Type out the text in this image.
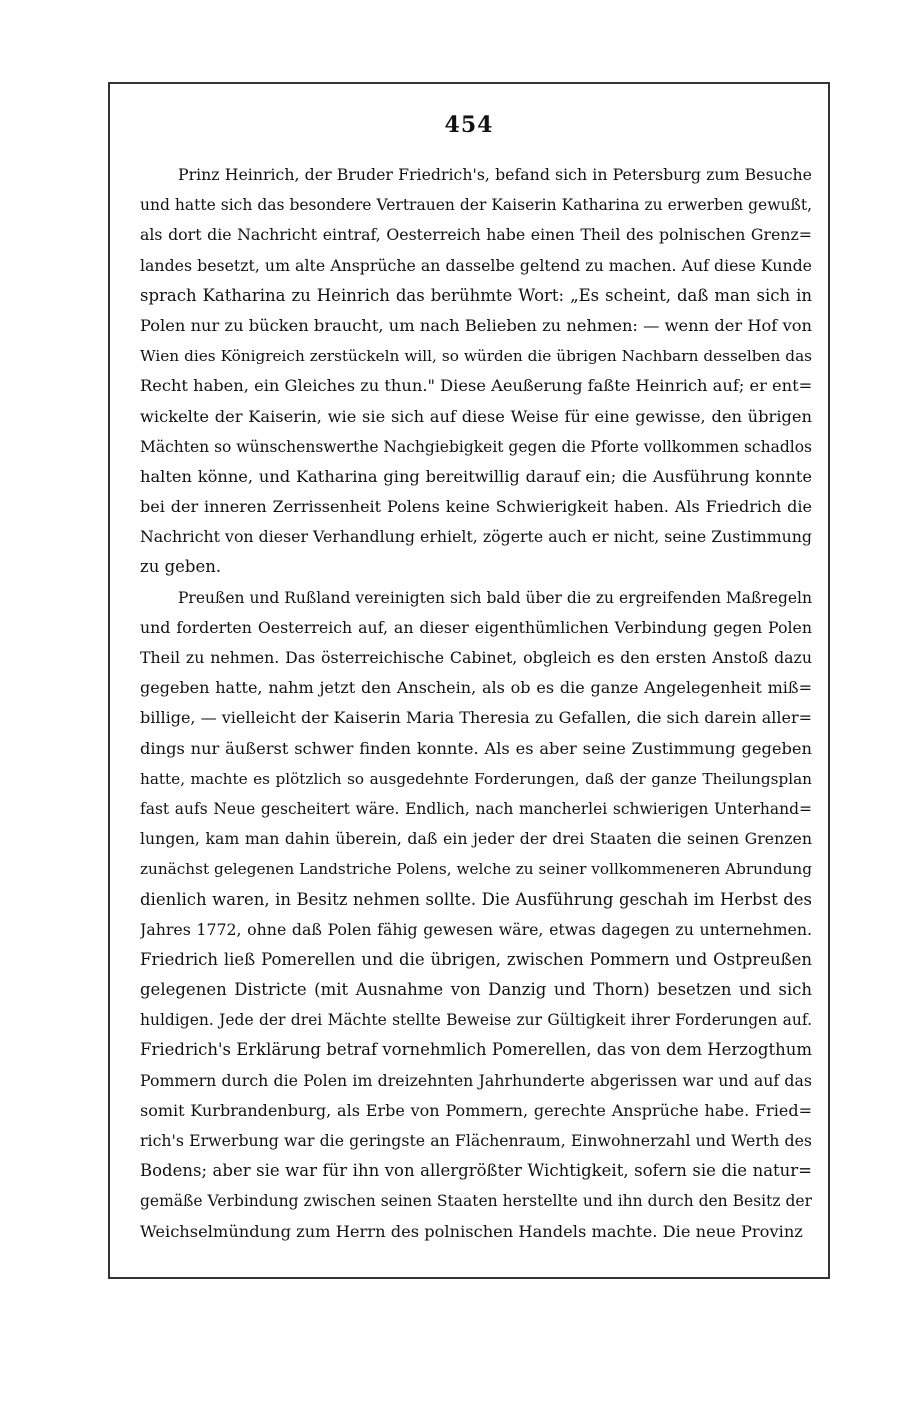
454
Prinz Heinrich, der Bruder Friedrich's, befand sich in Petersburg zum Besuche
und hatte sich das besondere Vertrauen der Kaiserin Katharina zu erwerben gewußt,
als dort die Nachricht eintraf, Oesterreich habe einen Theil des polnischen Grenz=
landes besetzt, um alte Ansprüche an dasselbe geltend zu machen. Auf diese Kunde
sprach Katharina zu Heinrich das berühmte Wort: „Es scheint, daß man sich in
Polen nur zu bücken braucht, um nach Belieben zu nehmen: — wenn der Hof von
Wien dies Königreich zerstückeln will, so würden die übrigen Nachbarn desselben das
Recht haben, ein Gleiches zu thun." Diese Aeußerung faßte Heinrich auf; er ent=
wickelte der Kaiserin, wie sie sich auf diese Weise für eine gewisse, den übrigen
Mächten so wünschenswerthe Nachgiebigkeit gegen die Pforte vollkommen schadlos
halten könne, und Katharina ging bereitwillig darauf ein; die Ausführung konnte
bei der inneren Zerrissenheit Polens keine Schwierigkeit haben. Als Friedrich die
Nachricht von dieser Verhandlung erhielt, zögerte auch er nicht, seine Zustimmung
zu geben.
Preußen und Rußland vereinigten sich bald über die zu ergreifenden Maßregeln
und forderten Oesterreich auf, an dieser eigenthümlichen Verbindung gegen Polen
Theil zu nehmen. Das österreichische Cabinet, obgleich es den ersten Anstoß dazu
gegeben hatte, nahm jetzt den Anschein, als ob es die ganze Angelegenheit miß=
billige, — vielleicht der Kaiserin Maria Theresia zu Gefallen, die sich darein aller=
dings nur äußerst schwer finden konnte. Als es aber seine Zustimmung gegeben
hatte, machte es plötzlich so ausgedehnte Forderungen, daß der ganze Theilungsplan
fast aufs Neue gescheitert wäre. Endlich, nach mancherlei schwierigen Unterhand=
lungen, kam man dahin überein, daß ein jeder der drei Staaten die seinen Grenzen
zunächst gelegenen Landstriche Polens, welche zu seiner vollkommeneren Abrundung
dienlich waren, in Besitz nehmen sollte. Die Ausführung geschah im Herbst des
Jahres 1772, ohne daß Polen fähig gewesen wäre, etwas dagegen zu unternehmen.
Friedrich ließ Pomerellen und die übrigen, zwischen Pommern und Ostpreußen
gelegenen Districte (mit Ausnahme von Danzig und Thorn) besetzen und sich
huldigen. Jede der drei Mächte stellte Beweise zur Gültigkeit ihrer Forderungen auf.
Friedrich's Erklärung betraf vornehmlich Pomerellen, das von dem Herzogthum
Pommern durch die Polen im dreizehnten Jahrhunderte abgerissen war und auf das
somit Kurbrandenburg, als Erbe von Pommern, gerechte Ansprüche habe. Fried=
rich's Erwerbung war die geringste an Flächenraum, Einwohnerzahl und Werth des
Bodens; aber sie war für ihn von allergrößter Wichtigkeit, sofern sie die natur=
gemäße Verbindung zwischen seinen Staaten herstellte und ihn durch den Besitz der
Weichselmündung zum Herrn des polnischen Handels machte. Die neue Provinz
